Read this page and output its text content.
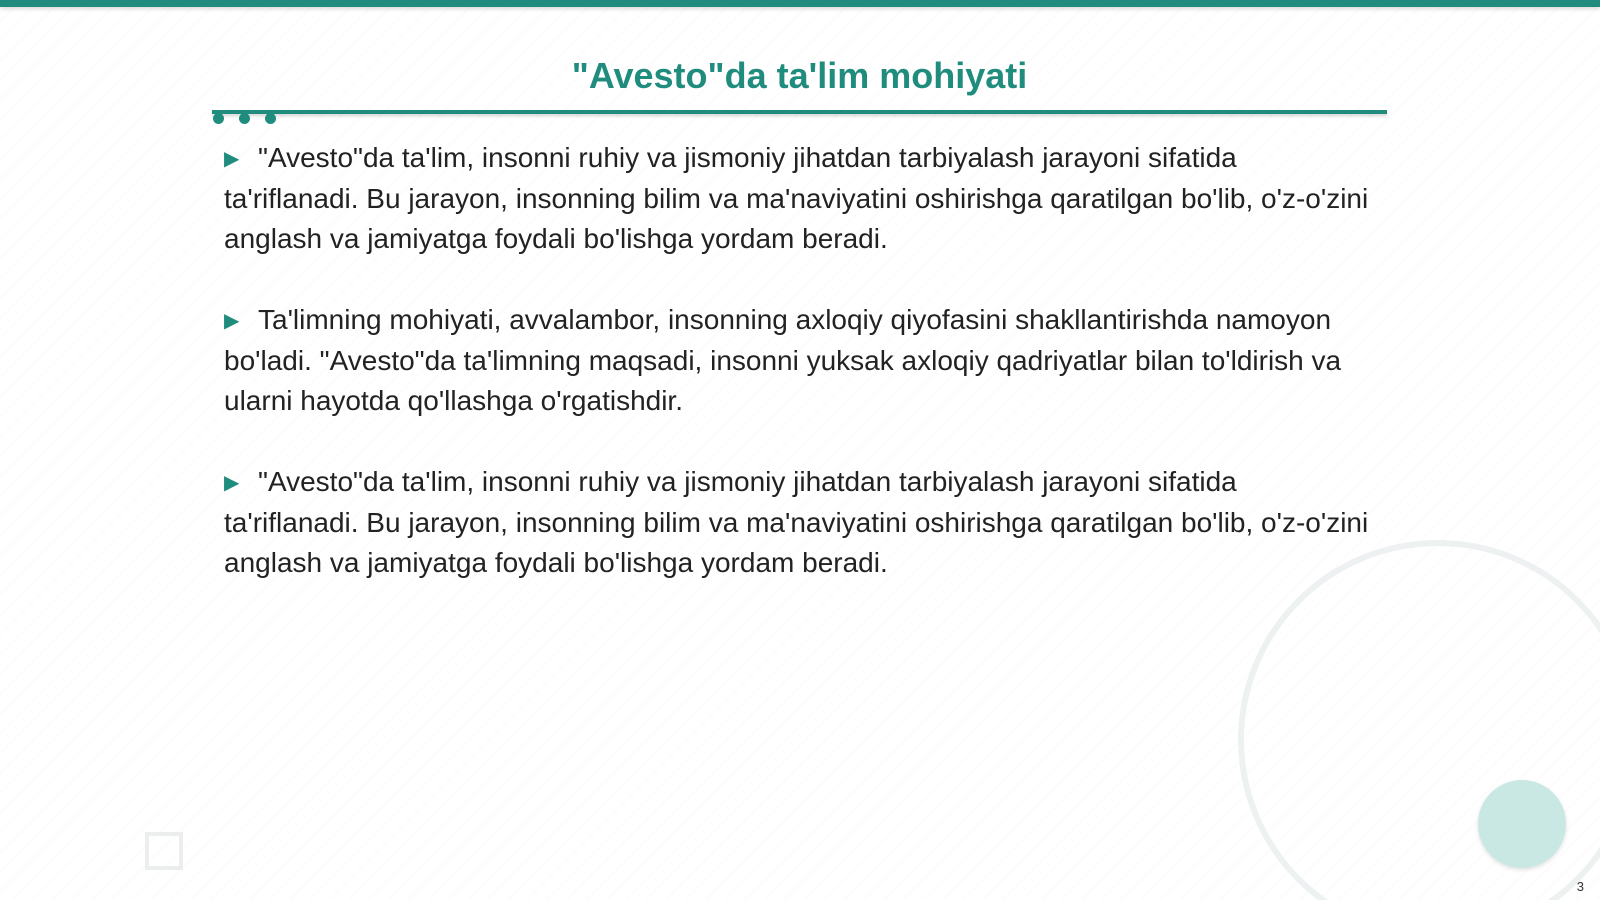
"Avesto"da ta'lim mohiyati

▶ "Avesto"da ta'lim, insonni ruhiy va jismoniy jihatdan tarbiyalash jarayoni sifatida ta'riflanadi. Bu jarayon, insonning bilim va ma'naviyatini oshirishga qaratilgan bo'lib, o'z-o'zini anglash va jamiyatga foydali bo'lishga yordam beradi.

▶ Ta'limning mohiyati, avvalambor, insonning axloqiy qiyofasini shakllantirishda namoyon bo'ladi. "Avesto"da ta'limning maqsadi, insonni yuksak axloqiy qadriyatlar bilan to'ldirish va ularni hayotda qo'llashga o'rgatishdir.

▶ "Avesto"da ta'lim, insonni ruhiy va jismoniy jihatdan tarbiyalash jarayoni sifatida ta'riflanadi. Bu jarayon, insonning bilim va ma'naviyatini oshirishga qaratilgan bo'lib, o'z-o'zini anglash va jamiyatga foydali bo'lishga yordam beradi.

3
